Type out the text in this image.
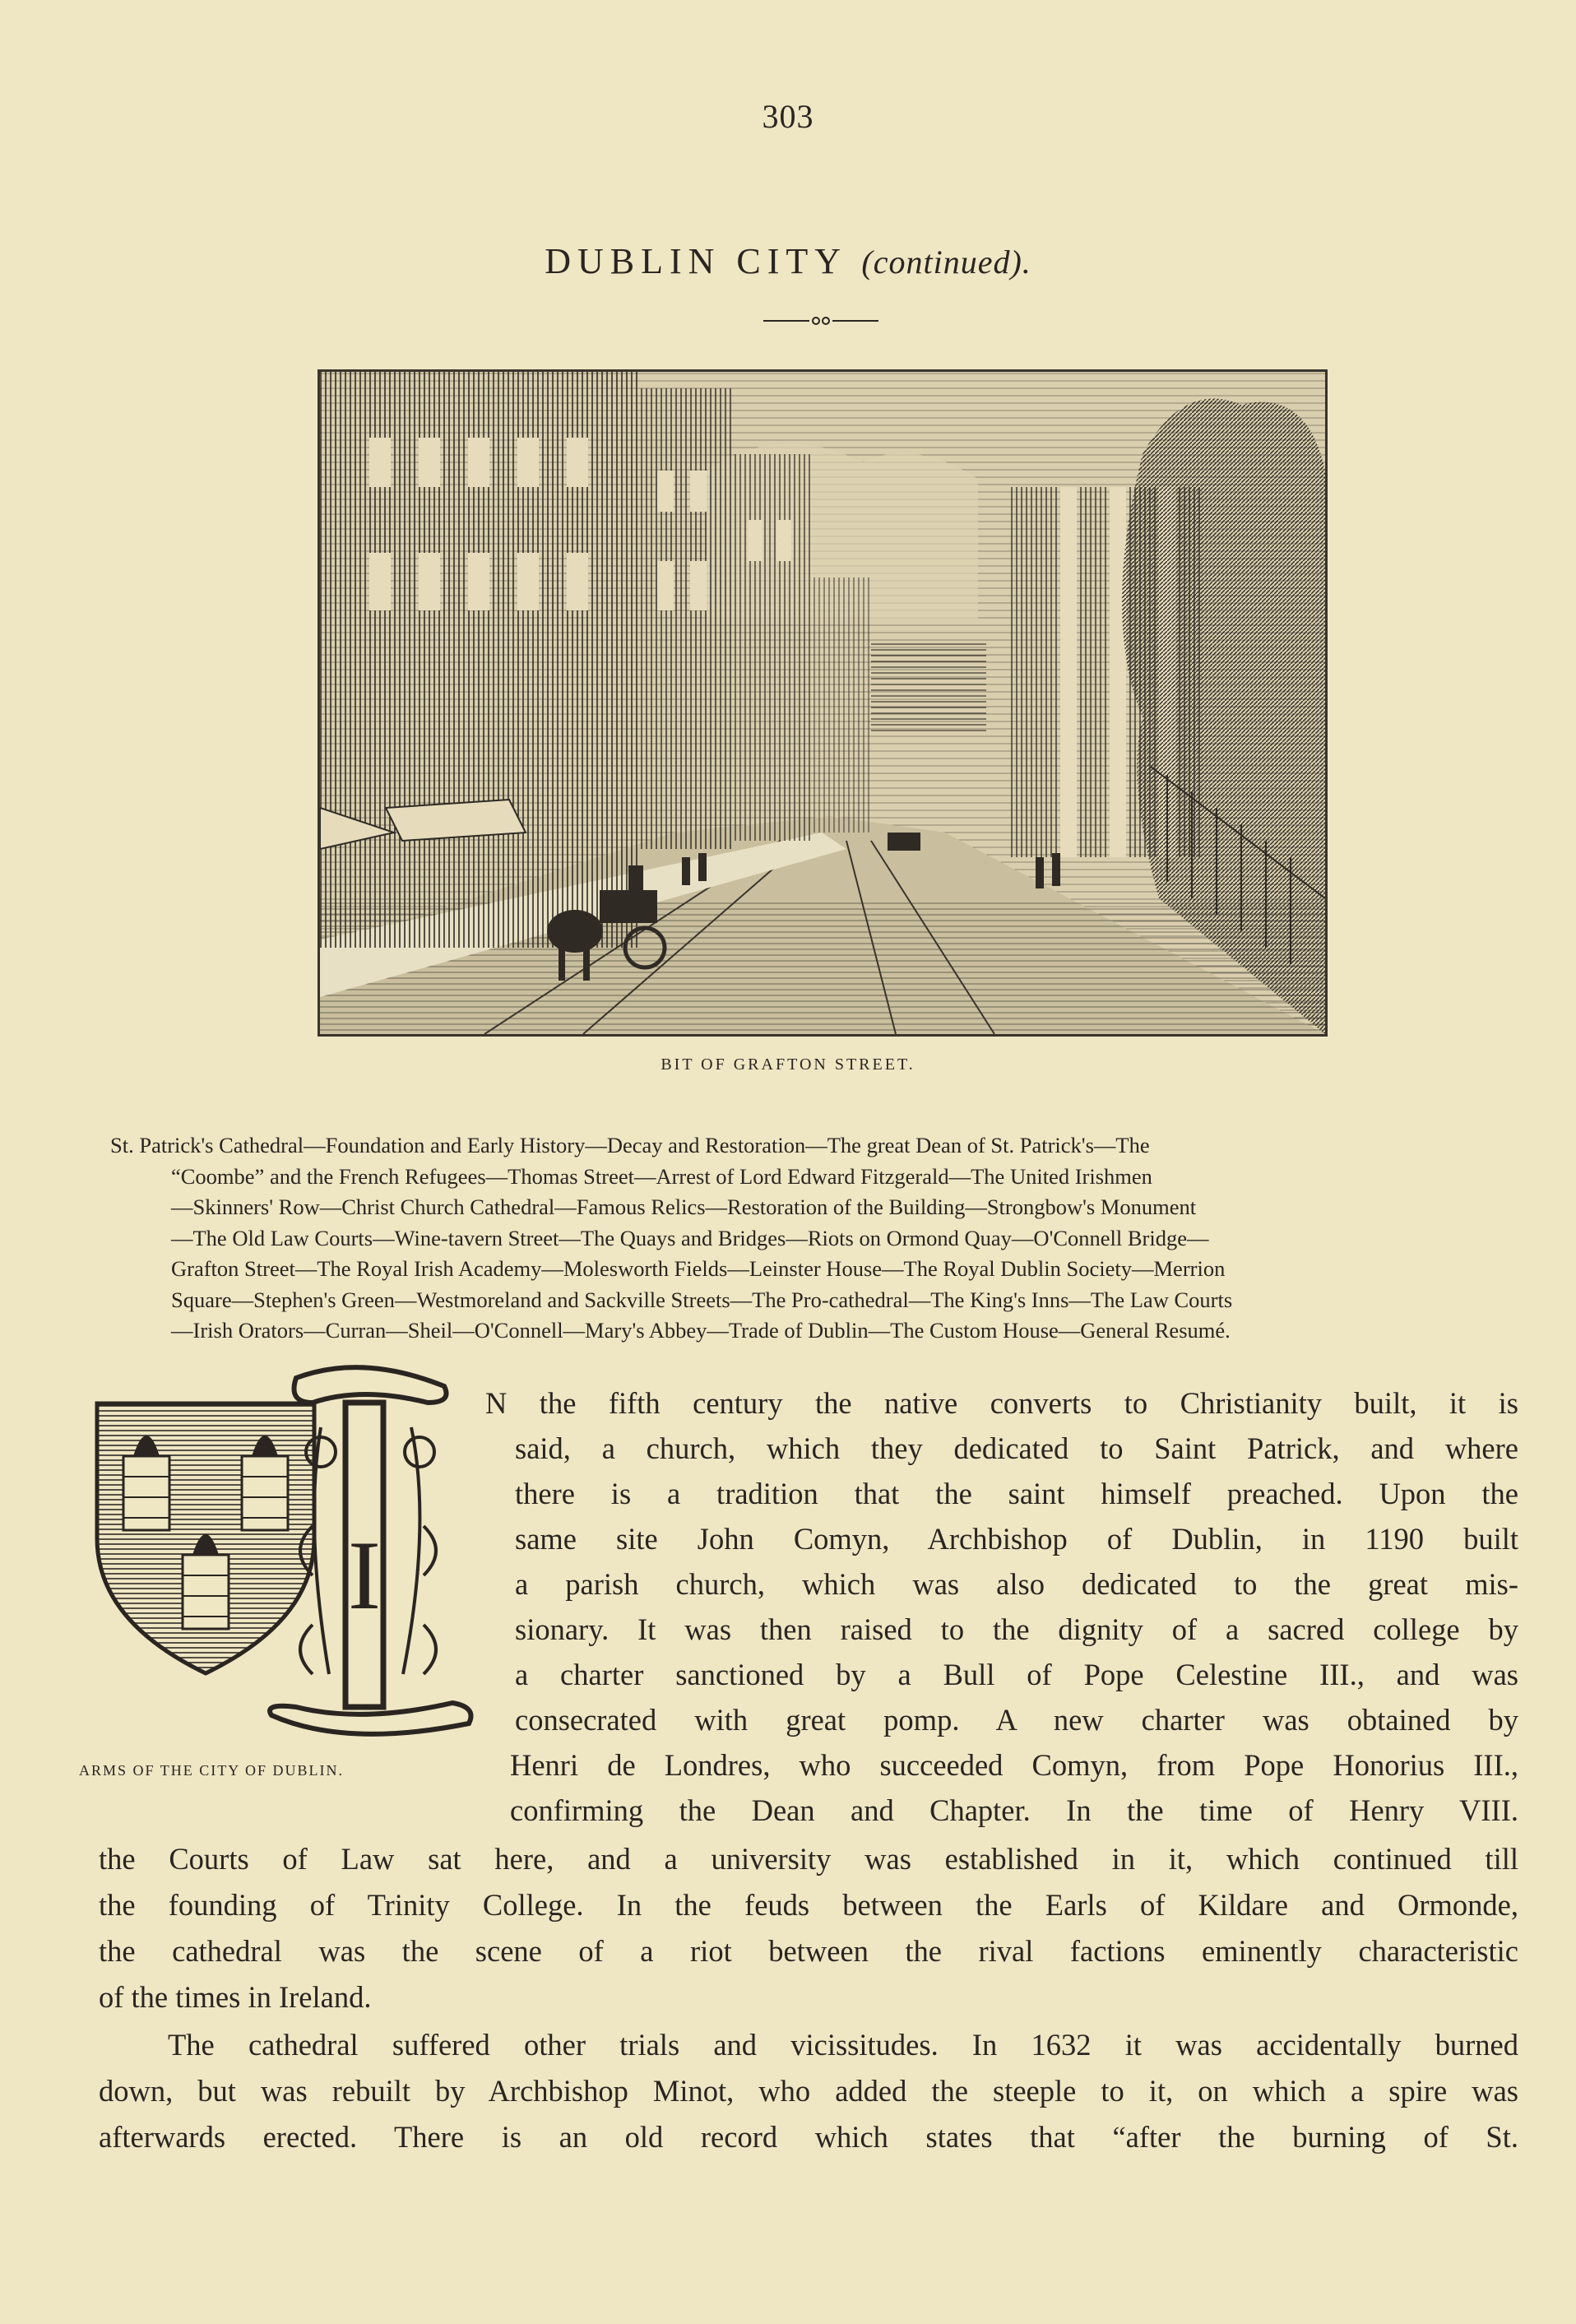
303
DUBLIN CITY (continued).
BIT OF GRAFTON STREET.
St. Patrick's Cathedral—Foundation and Early History—Decay and Restoration—The great Dean of St. Patrick's—The
“Coombe” and the French Refugees—Thomas Street—Arrest of Lord Edward Fitzgerald—The United Irishmen
—Skinners' Row—Christ Church Cathedral—Famous Relics—Restoration of the Building—Strongbow's Monument
—The Old Law Courts—Wine-tavern Street—The Quays and Bridges—Riots on Ormond Quay—O'Connell Bridge—
Grafton Street—The Royal Irish Academy—Molesworth Fields—Leinster House—The Royal Dublin Society—Merrion
Square—Stephen's Green—Westmoreland and Sackville Streets—The Pro-cathedral—The King's Inns—The Law Courts
—Irish Orators—Curran—Sheil—O'Connell—Mary's Abbey—Trade of Dublin—The Custom House—General Resumé.
I
ARMS OF THE CITY OF DUBLIN.
N the fifth century the native converts to Christianity built, it is
said, a church, which they dedicated to Saint Patrick, and where
there is a tradition that the saint himself preached. Upon the
same site John Comyn, Archbishop of Dublin, in 1190 built
a parish church, which was also dedicated to the great mis-
sionary. It was then raised to the dignity of a sacred college by
a charter sanctioned by a Bull of Pope Celestine III., and was
consecrated with great pomp. A new charter was obtained by
Henri de Londres, who succeeded Comyn, from Pope Honorius III.,
confirming the Dean and Chapter. In the time of Henry VIII.
the Courts of Law sat here, and a university was established in it, which continued till
the founding of Trinity College. In the feuds between the Earls of Kildare and Ormonde,
the cathedral was the scene of a riot between the rival factions eminently characteristic
of the times in Ireland.
The cathedral suffered other trials and vicissitudes. In 1632 it was accidentally burned
down, but was rebuilt by Archbishop Minot, who added the steeple to it, on which a spire was
afterwards erected. There is an old record which states that “after the burning of St.
